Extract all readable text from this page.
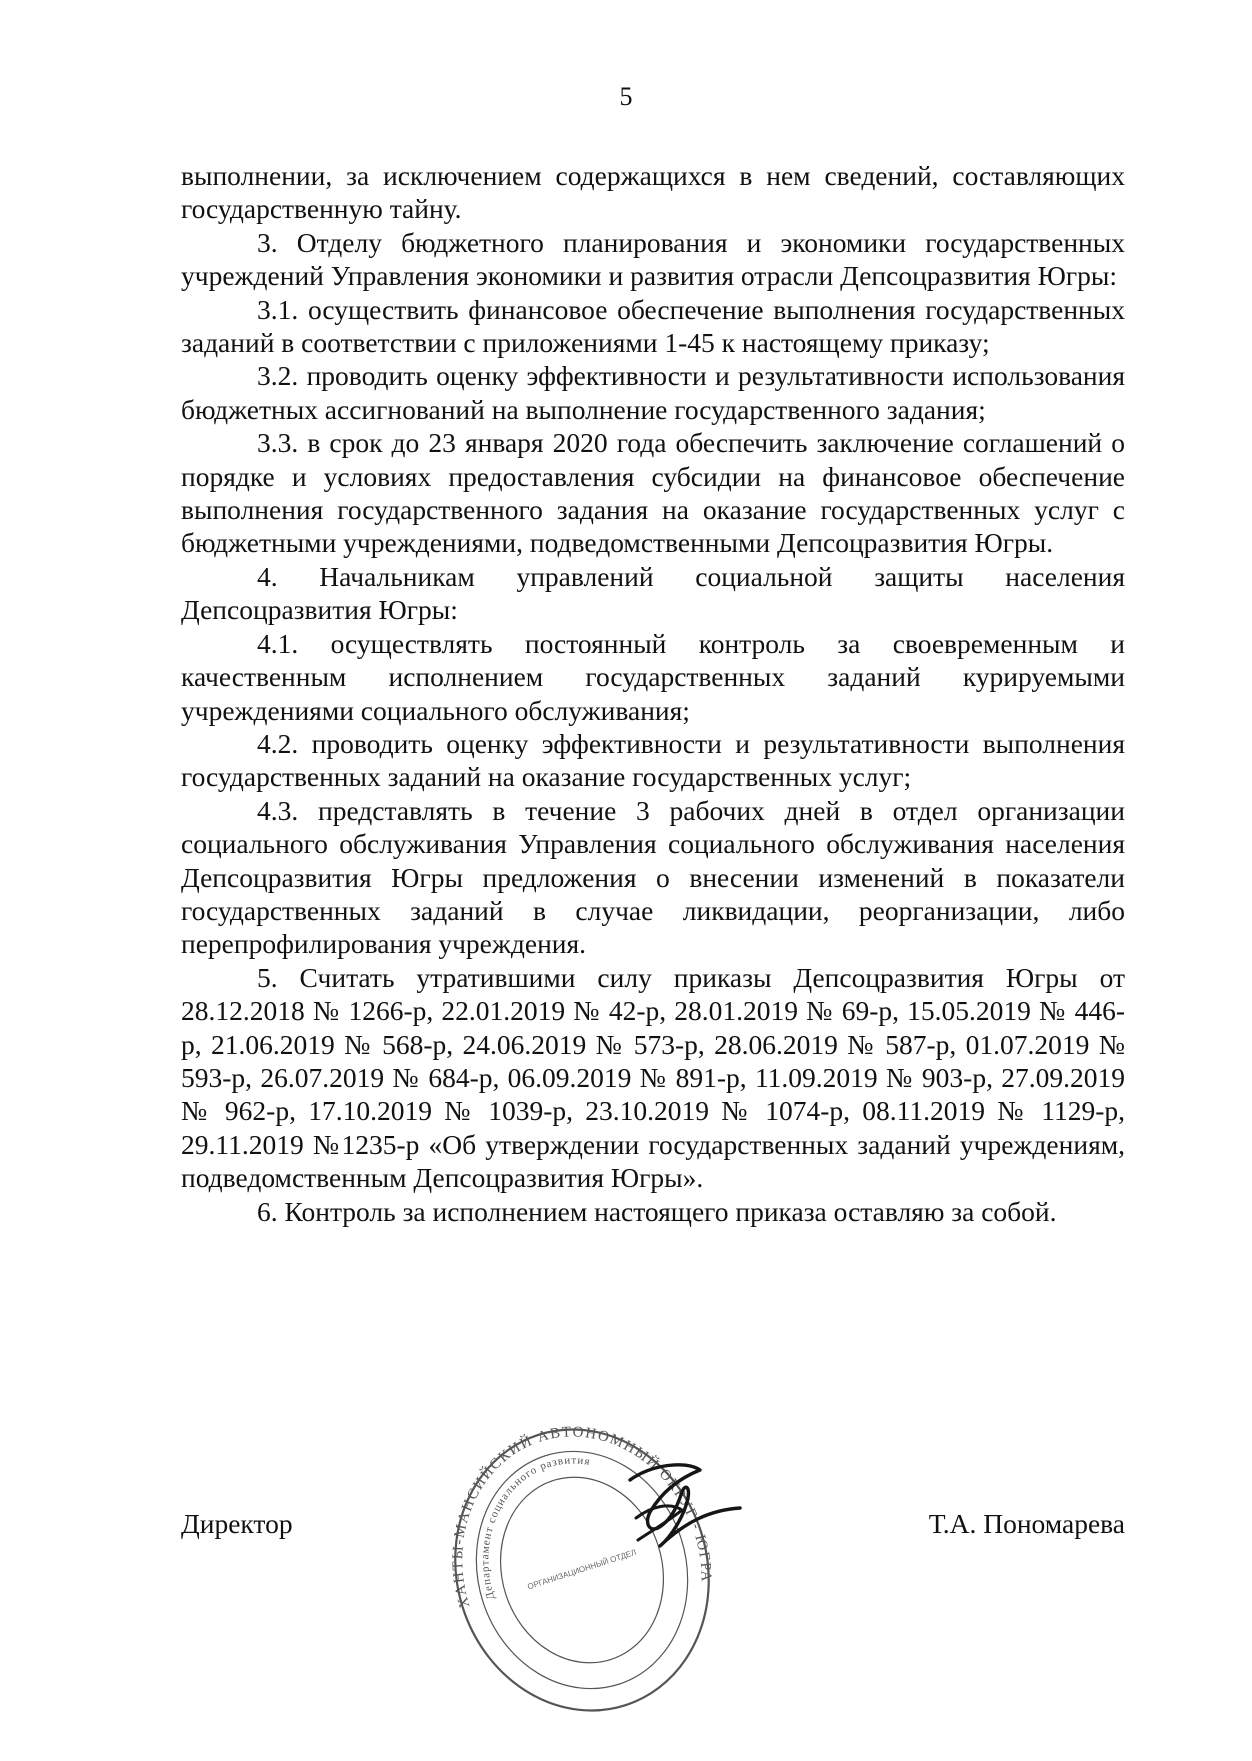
5

выполнении, за исключением содержащихся в нем сведений, составляющих государственную тайну.

3. Отделу бюджетного планирования и экономики государственных учреждений Управления экономики и развития отрасли Депсоцразвития Югры:

3.1. осуществить финансовое обеспечение выполнения государственных заданий в соответствии с приложениями 1-45 к настоящему приказу;

3.2. проводить оценку эффективности и результативности использования бюджетных ассигнований на выполнение государственного задания;

3.3. в срок до 23 января 2020 года обеспечить заключение соглашений о порядке и условиях предоставления субсидии на финансовое обеспечение выполнения государственного задания на оказание государственных услуг с бюджетными учреждениями, подведомственными Депсоцразвития Югры.

4. Начальникам управлений социальной защиты населения Депсоцразвития Югры:

4.1. осуществлять постоянный контроль за своевременным и качественным исполнением государственных заданий курируемыми учреждениями социального обслуживания;

4.2. проводить оценку эффективности и результативности выполнения государственных заданий на оказание государственных услуг;

4.3. представлять в течение 3 рабочих дней в отдел организации социального обслуживания Управления социального обслуживания населения Депсоцразвития Югры предложения о внесении изменений в показатели государственных заданий в случае ликвидации, реорганизации, либо перепрофилирования учреждения.

5. Считать утратившими силу приказы Депсоцразвития Югры от 28.12.2018 № 1266-р, 22.01.2019 № 42-р, 28.01.2019 № 69-р, 15.05.2019 № 446-р, 21.06.2019 № 568-р, 24.06.2019 № 573-р, 28.06.2019 № 587-р, 01.07.2019 № 593-р, 26.07.2019 № 684-р, 06.09.2019 № 891-р, 11.09.2019 № 903-р, 27.09.2019 № 962-р, 17.10.2019 № 1039-р, 23.10.2019 № 1074-р, 08.11.2019 № 1129-р, 29.11.2019 №1235-р «Об утверждении государственных заданий учреждениям, подведомственным Депсоцразвития Югры».

6. Контроль за исполнением настоящего приказа оставляю за собой.

Директор	Т.А. Пономарева
ХАНТЫ-МАНСИЙСКИЙ АВТОНОМНЫЙ ОКРУГ - ЮГРА
Департамент социального развития
ОРГАНИЗАЦИОННЫЙ ОТДЕЛ
